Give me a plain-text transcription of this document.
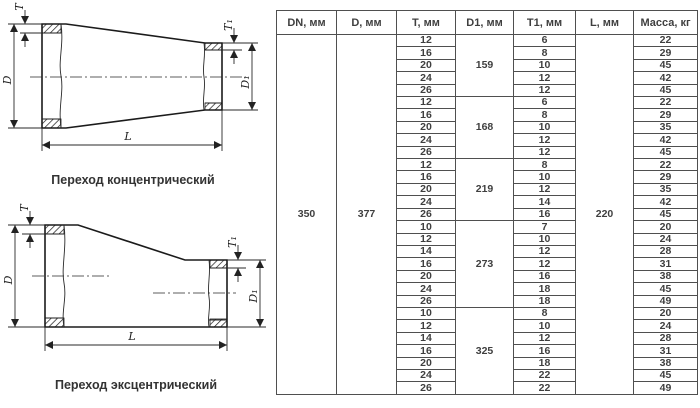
D
T
T₁
D₁
L
Переход концентрический
D
T
T₁
D₁
L
Переход эксцентрический
DN, мм	D, мм	T, мм	D1, мм	T1, мм	L, мм	Масса, кг
350	377	12	159	6	220	22
		16		8		29
		20		10		45
		24		12		42
		26		12		45
		12	168	6		22
		16		8		29
		20		10		35
		24		12		42
		26		12		45
		12	219	8		22
		16		10		29
		20		12		35
		24		14		42
		26		16		45
		10	273	7		20
		12		10		24
		14		12		28
		16		12		31
		20		16		38
		24		18		45
		26		18		49
		10	325	8		20
		12		10		24
		14		12		28
		16		16		31
		20		18		38
		24		22		45
		26		22		49
